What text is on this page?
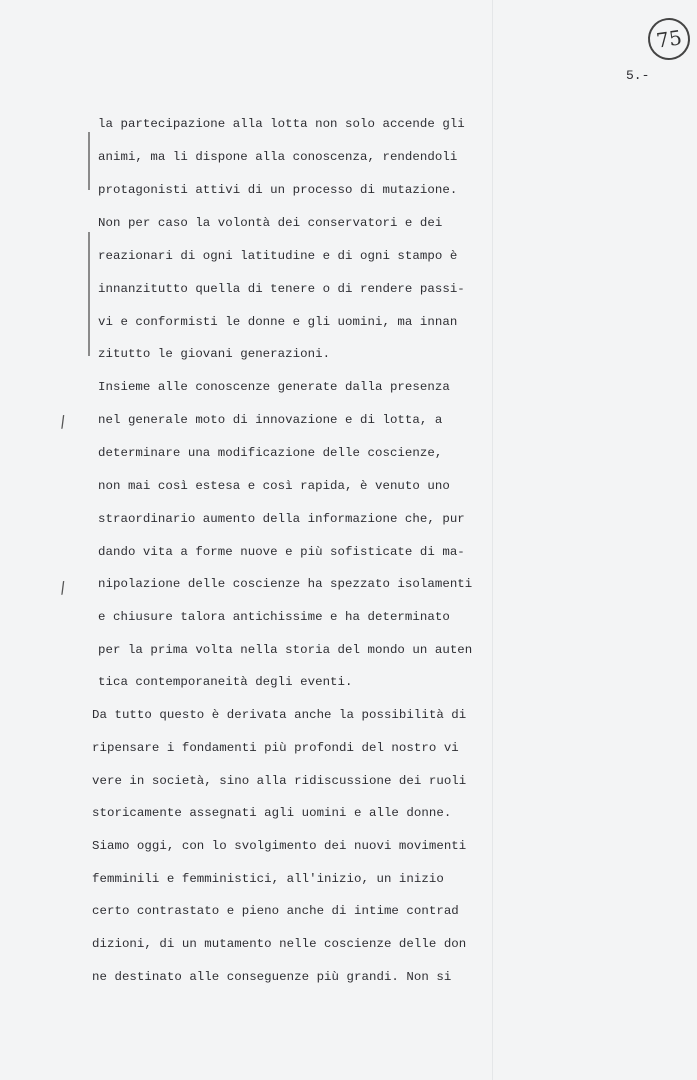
75
5.-
/
/
la partecipazione alla lotta non solo accende gli
animi, ma li dispone alla conoscenza, rendendoli
protagonisti attivi di un processo di mutazione.
Non per caso la volontà dei conservatori e dei
reazionari di ogni latitudine e di ogni stampo è
innanzitutto quella di tenere o di rendere passi-
vi e conformisti le donne e gli uomini, ma innan
zitutto le giovani generazioni.
Insieme alle conoscenze generate dalla presenza
nel generale moto di innovazione e di lotta, a
determinare una modificazione delle coscienze,
non mai così estesa e così rapida, è venuto uno
straordinario aumento della informazione che, pur
dando vita a forme nuove e più sofisticate di ma-
nipolazione delle coscienze ha spezzato isolamenti
e chiusure talora antichissime e ha determinato
per la prima volta nella storia del mondo un auten
tica contemporaneità degli eventi.
Da tutto questo è derivata anche la possibilità di
ripensare i fondamenti più profondi del nostro vi
vere in società, sino alla ridiscussione dei ruoli
storicamente assegnati agli uomini e alle donne.
Siamo oggi, con lo svolgimento dei nuovi movimenti
femminili e femministici, all'inizio, un inizio
certo contrastato e pieno anche di intime contrad
dizioni, di un mutamento nelle coscienze delle don
ne destinato alle conseguenze più grandi. Non si
